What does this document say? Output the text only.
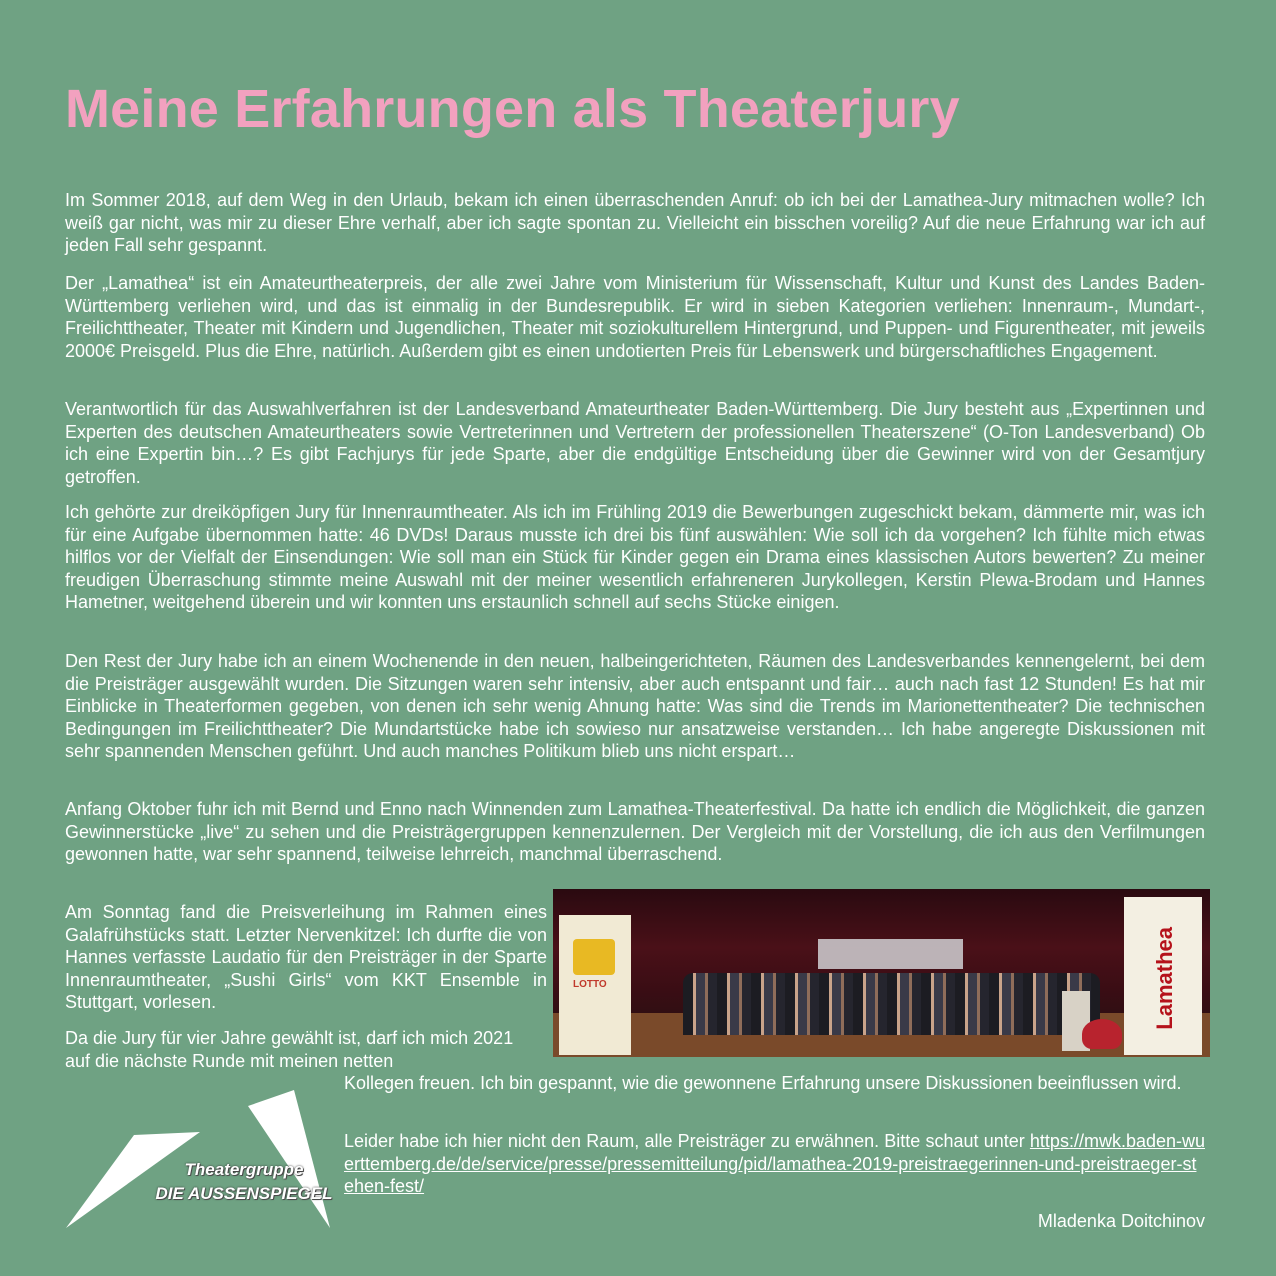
Meine Erfahrungen als Theaterjury

Im Sommer 2018, auf dem Weg in den Urlaub, bekam ich einen überraschenden Anruf: ob ich bei der Lamathea-Jury mitmachen wolle? Ich weiß gar nicht, was mir zu dieser Ehre verhalf, aber ich sagte spontan zu. Vielleicht ein bisschen voreilig? Auf die neue Erfahrung war ich auf jeden Fall sehr gespannt.

Der „Lamathea“ ist ein Amateurtheaterpreis, der alle zwei Jahre vom Ministerium für Wissenschaft, Kultur und Kunst des Landes Baden-Württemberg verliehen wird, und das ist einmalig in der Bundesrepublik. Er wird in sieben Kategorien verliehen: Innenraum-, Mundart-, Freilichttheater, Theater mit Kindern und Jugendlichen, Theater mit soziokulturellem Hintergrund, und Puppen- und Figurentheater, mit jeweils 2000€ Preisgeld. Plus die Ehre, natürlich. Außerdem gibt es einen undotierten Preis für Lebenswerk und bürgerschaftliches Engagement.

Verantwortlich für das Auswahlverfahren ist der Landesverband Amateurtheater Baden-Württemberg. Die Jury besteht aus „Expertinnen und Experten des deutschen Amateurtheaters sowie Vertreterinnen und Vertretern der professionellen Theaterszene“ (O-Ton Landesverband) Ob ich eine Expertin bin…? Es gibt Fachjurys für jede Sparte, aber die endgültige Entscheidung über die Gewinner wird von der Gesamtjury getroffen.

Ich gehörte zur dreiköpfigen Jury für Innenraumtheater. Als ich im Frühling 2019 die Bewerbungen zugeschickt bekam, dämmerte mir, was ich für eine Aufgabe übernommen hatte: 46 DVDs! Daraus musste ich drei bis fünf auswählen: Wie soll ich da vorgehen? Ich fühlte mich etwas hilflos vor der Vielfalt der Einsendungen: Wie soll man ein Stück für Kinder gegen ein Drama eines klassischen Autors bewerten? Zu meiner freudigen Überraschung stimmte meine Auswahl mit der meiner wesentlich erfahreneren Jurykollegen, Kerstin Plewa-Brodam und Hannes Hametner, weitgehend überein und wir konnten uns erstaunlich schnell auf sechs Stücke einigen.

Den Rest der Jury habe ich an einem Wochenende in den neuen, halbeingerichteten, Räumen des Landesverbandes kennengelernt, bei dem die Preisträger ausgewählt wurden. Die Sitzungen waren sehr intensiv, aber auch entspannt und fair… auch nach fast 12 Stunden! Es hat mir Einblicke in Theaterformen gegeben, von denen ich sehr wenig Ahnung hatte: Was sind die Trends im Marionettentheater? Die technischen Bedingungen im Freilichttheater? Die Mundartstücke habe ich sowieso nur ansatzweise verstanden… Ich habe angeregte Diskussionen mit sehr spannenden Menschen geführt. Und auch manches Politikum blieb uns nicht erspart…

Anfang Oktober fuhr ich mit Bernd und Enno nach Winnenden zum Lamathea-Theaterfestival. Da hatte ich endlich die Möglichkeit, die ganzen Gewinnerstücke „live“ zu sehen und die Preisträgergruppen kennenzulernen. Der Vergleich mit der Vorstellung, die ich aus den Verfilmungen gewonnen hatte, war sehr spannend, teilweise lehrreich, manchmal überraschend.

Am Sonntag fand die Preisverleihung im Rahmen eines Galafrühstücks statt. Letzter Nervenkitzel: Ich durfte die von Hannes verfasste Laudatio für den Preisträger in der Sparte Innenraumtheater, „Sushi Girls“ vom KKT Ensemble in Stuttgart, vorlesen.

Da die Jury für vier Jahre gewählt ist, darf ich mich 2021 auf die nächste Runde mit meinen netten

Kollegen freuen. Ich bin gespannt, wie die gewonnene Erfahrung unsere Diskussionen beeinflussen wird.

Leider habe ich hier nicht den Raum, alle Preisträger zu erwähnen. Bitte schaut unter https://mwk.baden-wuerttemberg.de/de/service/presse/pressemitteilung/pid/lamathea-2019-preistraegerinnen-und-preistraeger-stehen-fest/

LOTTO	Lamathea
Theatergruppe
DIE AUSSENSPIEGEL

Mladenka Doitchinov
